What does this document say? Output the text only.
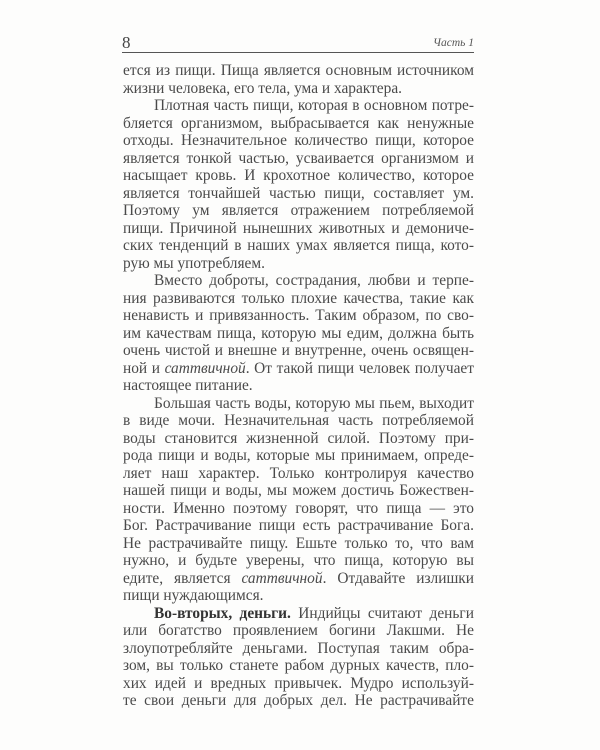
8	Часть 1
ется из пищи. Пища является основным источником
жизни человека, его тела, ума и характера.
Плотная часть пищи, которая в основном потре-
бляется организмом, выбрасывается как ненужные
отходы. Незначительное количество пищи, которое
является тонкой частью, усваивается организмом и
насыщает кровь. И крохотное количество, которое
является тончайшей частью пищи, составляет ум.
Поэтому ум является отражением потребляемой
пищи. Причиной нынешних животных и демониче-
ских тенденций в наших умах является пища, кото-
рую мы употребляем.
Вместо доброты, сострадания, любви и терпе-
ния развиваются только плохие качества, такие как
ненависть и привязанность. Таким образом, по сво-
им качествам пища, которую мы едим, должна быть
очень чистой и внешне и внутренне, очень освящен-
ной и саттвичной. От такой пищи человек получает
настоящее питание.
Большая часть воды, которую мы пьем, выходит
в виде мочи. Незначительная часть потребляемой
воды становится жизненной силой. Поэтому при-
рода пищи и воды, которые мы принимаем, опреде-
ляет наш характер. Только контролируя качество
нашей пищи и воды, мы можем достичь Божествен-
ности. Именно поэтому говорят, что пища — это
Бог. Растрачивание пищи есть растрачивание Бога.
Не растрачивайте пищу. Ешьте только то, что вам
нужно, и будьте уверены, что пища, которую вы
едите, является саттвичной. Отдавайте излишки
пищи нуждающимся.
Во-вторых, деньги. Индийцы считают деньги
или богатство проявлением богини Лакшми. Не
злоупотребляйте деньгами. Поступая таким обра-
зом, вы только станете рабом дурных качеств, пло-
хих идей и вредных привычек. Мудро используй-
те свои деньги для добрых дел. Не растрачивайте
